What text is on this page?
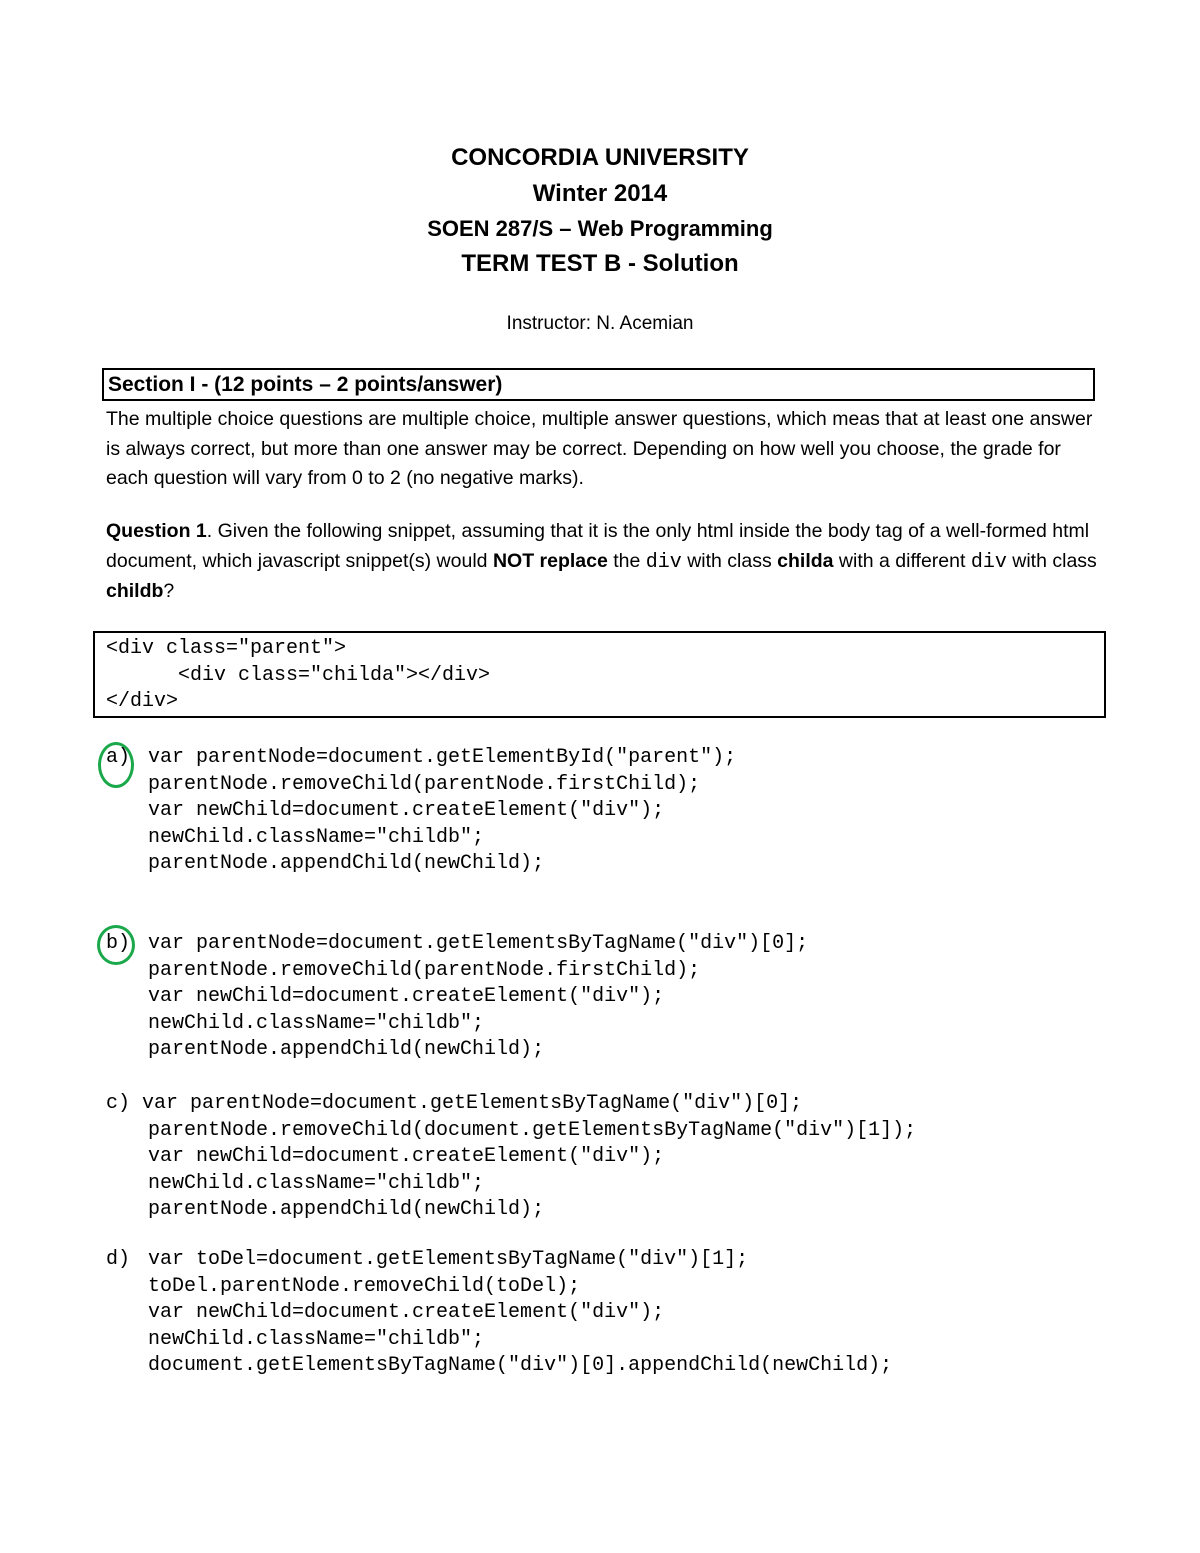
CONCORDIA UNIVERSITY
Winter 2014
SOEN 287/S – Web Programming
TERM TEST B - Solution
Instructor: N. Acemian
Section I - (12 points – 2 points/answer)
The multiple choice questions are multiple choice, multiple answer questions, which meas that at least one answer is always correct, but more than one answer may be correct. Depending on how well you choose, the grade for each question will vary from 0 to 2 (no negative marks).
Question 1. Given the following snippet, assuming that it is the only html inside the body tag of a well-formed html document, which javascript snippet(s) would NOT replace the div with class childa with a different div with class childb?
<div class="parent">
<div class="childa"></div>
</div>
a) var parentNode=document.getElementById("parent");
parentNode.removeChild(parentNode.firstChild);
var newChild=document.createElement("div");
newChild.className="childb";
parentNode.appendChild(newChild);
b) var parentNode=document.getElementsByTagName("div")[0];
parentNode.removeChild(parentNode.firstChild);
var newChild=document.createElement("div");
newChild.className="childb";
parentNode.appendChild(newChild);
c) var parentNode=document.getElementsByTagName("div")[0];
parentNode.removeChild(document.getElementsByTagName("div")[1]);
var newChild=document.createElement("div");
newChild.className="childb";
parentNode.appendChild(newChild);
d) var toDel=document.getElementsByTagName("div")[1];
toDel.parentNode.removeChild(toDel);
var newChild=document.createElement("div");
newChild.className="childb";
document.getElementsByTagName("div")[0].appendChild(newChild);
